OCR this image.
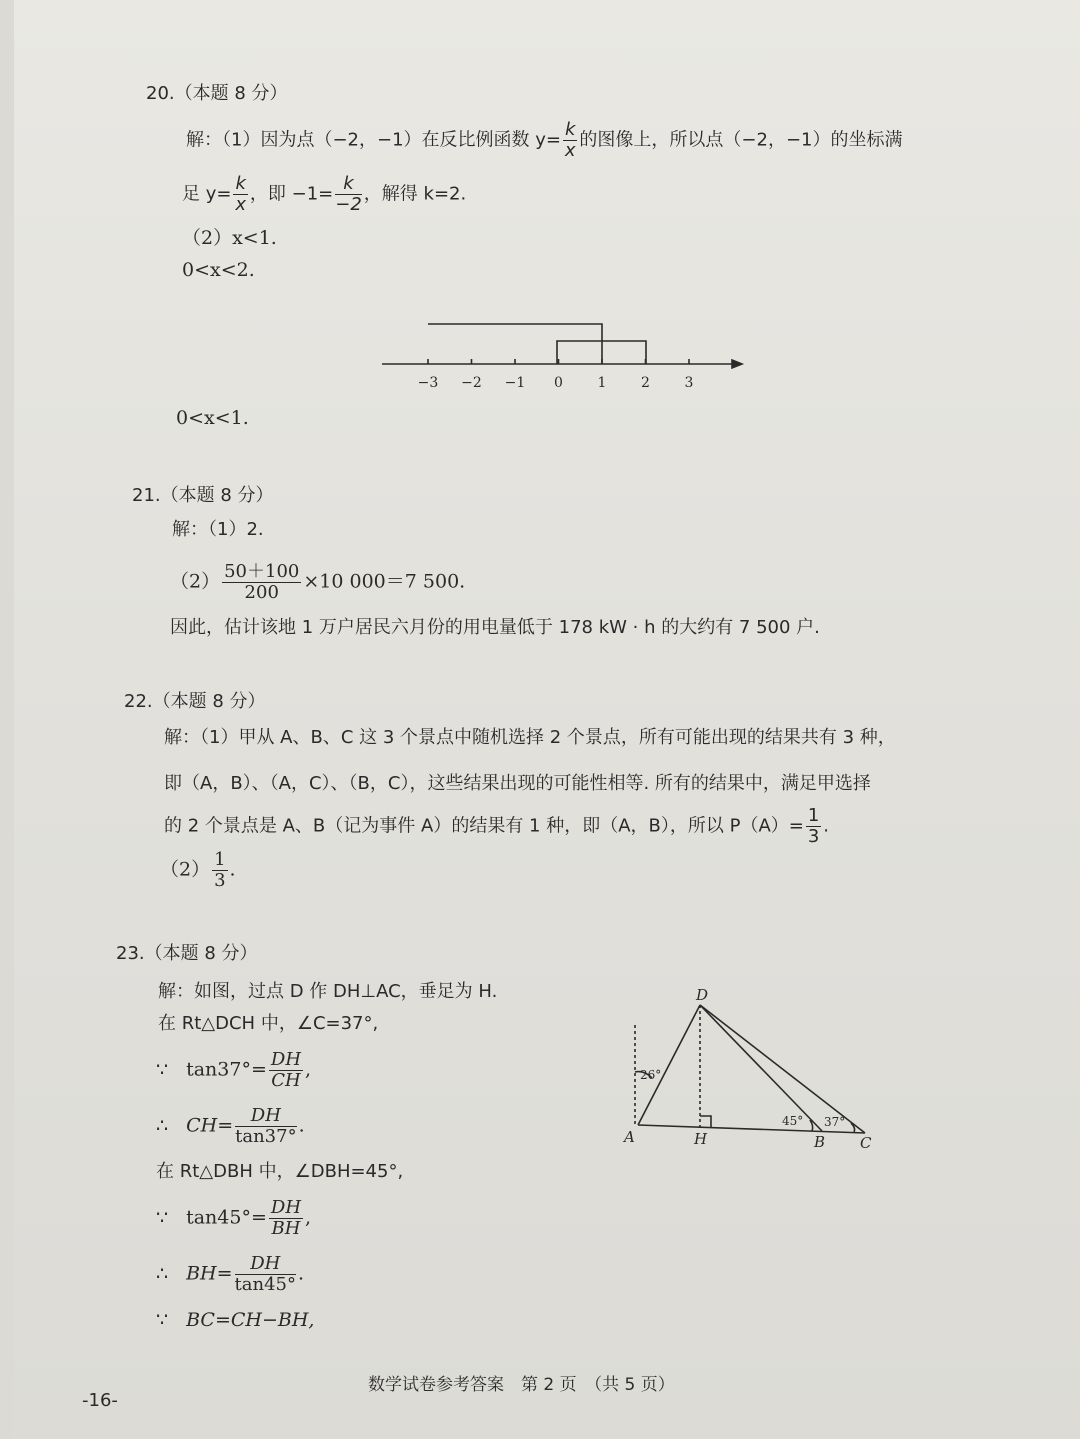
20.（本题 8 分）
解：（1）因为点（−2，−1）在反比例函数 $y= \frac{k}{x}$ 的图像上，所以点（−2，−1）的坐标满
足 $y= \frac{k}{x}$ ，即 $-1= \frac{k}{-2}$ ，解得 k=2.
（2）x<1.
0<x<2.
−3 −2 −1 0 1 2 3
0<x<1.
21.（本题 8 分）
解：（1）2.
$(2) \frac{50+100}{200} \times 10$ 000＝7 500.
因此，估计该地 1 万户居民六月份的用电量低于 178 kW · h 的大约有 7 500 户.
22.（本题 8 分）
解：（1）甲从 A、B、C 这 3 个景点中随机选择 2 个景点，所有可能出现的结果共有 3 种，
即（A，B）、（A，C）、（B，C），这些结果出现的可能性相等. 所有的结果中，满足甲选择
的 2 个景点是 A、B（记为事件 A）的结果有 1 种，即（A，B），所以 $P(A)= \frac{1}{3}$ .
$(2) \frac{1}{3}$ .
23.（本题 8 分）
解：如图，过点 D 作 DH⊥AC，垂足为 H.
在 Rt△DCH 中，∠C=37°,
∵ $\tan 37^\circ= \frac{DH}{CH}$ ,
∴ $CH= \frac{DH}{\tan 37^\circ}$ .
在 Rt△DBH 中，∠DBH=45°,
∵ $\tan 45^\circ= \frac{DH}{BH}$ ,
∴ $BH= \frac{DH}{\tan 45^\circ}$ .
∵ BC=CH−BH,
D
A	H	B C
26°
45° 37°
数学试卷参考答案　第 2 页　（共 5 页）
-16-
